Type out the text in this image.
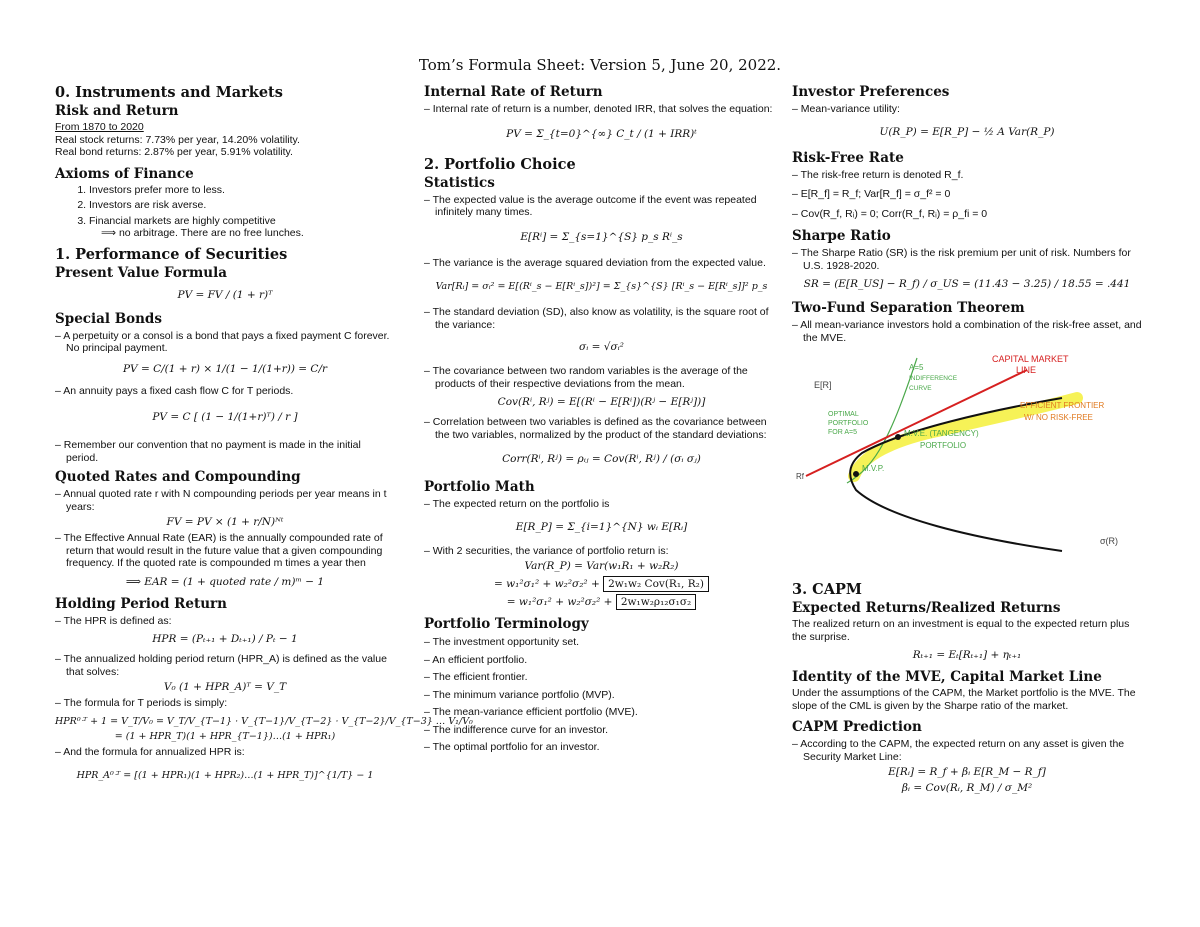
Tom’s Formula Sheet: Version 5, June 20, 2022.
0. Instruments and Markets
Risk and Return

From 1870 to 2020

Real stock returns: 7.73% per year, 14.20% volatility.

Real bond returns: 2.87% per year, 5.91% volatility.

Axioms of Finance
1. Investors prefer more to less.
2. Investors are risk averse.
3. Financial markets are highly competitive
⟹ no arbitrage. There are no free lunches.
1. Performance of Securities
Present Value Formula
PV = FV / (1 + r)ᵀ
Special Bonds

– A perpetuity or a consol is a bond that pays a fixed payment C forever. No principal payment.

PV = C/(1 + r) × 1/(1 − 1/(1+r)) = C/r

– An annuity pays a fixed cash flow C for T periods.

PV = C [ (1 − 1/(1+r)ᵀ) / r ]

– Remember our convention that no payment is made in the initial period.

Quoted Rates and Compounding

– Annual quoted rate r with N compounding periods per year means in t years:

FV = PV × (1 + r/N)ᴺᵗ

– The Effective Annual Rate (EAR) is the annually compounded rate of return that would result in the future value that a given compounding frequency. If the quoted rate is compounded m times a year then

⟹ EAR = (1 + quoted rate / m)ᵐ − 1
Holding Period Return

– The HPR is defined as:

HPR = (Pₜ₊₁ + Dₜ₊₁) / Pₜ − 1

– The annualized holding period return (HPR_A) is defined as the value that solves:

V₀ (1 + HPR_A)ᵀ = V_T

– The formula for T periods is simply:

HPR⁰ᐧᵀ + 1 = V_T/V₀ = V_T/V_{T−1} · V_{T−1}/V_{T−2} · V_{T−2}/V_{T−3} … V₁/V₀
= (1 + HPR_T)(1 + HPR_{T−1})…(1 + HPR₁)

– And the formula for annualized HPR is:

HPR_A⁰ᐧᵀ = [(1 + HPR₁)(1 + HPR₂)…(1 + HPR_T)]^{1/T} − 1
Internal Rate of Return

– Internal rate of return is a number, denoted IRR, that solves the equation:

PV = Σ_{t=0}^{∞} C_t / (1 + IRR)ᵗ
2. Portfolio Choice
Statistics

– The expected value is the average outcome if the event was repeated infinitely many times.

E[Rⁱ] = Σ_{s=1}^{S} p_s Rⁱ_s

– The variance is the average squared deviation from the expected value.

Var[Rᵢ] = σᵢ² = E[(Rⁱ_s − E[Rⁱ_s])²] = Σ_{s}^{S} [Rⁱ_s − E[Rⁱ_s]]² p_s

– The standard deviation (SD), also know as volatility, is the square root of the variance:

σᵢ = √σᵢ²

– The covariance between two random variables is the average of the products of their respective deviations from the mean.

Cov(Rⁱ, Rʲ) = E[(Rⁱ − E[Rⁱ])(Rʲ − E[Rʲ])]

– Correlation between two variables is defined as the covariance between the two variables, normalized by the product of the standard deviations:

Corr(Rⁱ, Rʲ) = ρᵢⱼ = Cov(Rⁱ, Rʲ) / (σᵢ σⱼ)
Portfolio Math

– The expected return on the portfolio is

E[R_P] = Σ_{i=1}^{N} wᵢ E[Rᵢ]

– With 2 securities, the variance of portfolio return is:

Var(R_P) = Var(w₁R₁ + w₂R₂)
= w₁²σ₁² + w₂²σ₂² + 2w₁w₂ Cov(R₁, R₂)
= w₁²σ₁² + w₂²σ₂² + 2w₁w₂ρ₁₂σ₁σ₂
Portfolio Terminology

– The investment opportunity set.

– An efficient portfolio.

– The efficient frontier.

– The minimum variance portfolio (MVP).

– The mean-variance efficient portfolio (MVE).

– The indifference curve for an investor.

– The optimal portfolio for an investor.

Investor Preferences

– Mean-variance utility:

U(R_P) = E[R_P] − ½ A Var(R_P)
Risk-Free Rate

– The risk-free return is denoted R_f.

– E[R_f] = R_f; Var[R_f] = σ_f² = 0

– Cov(R_f, Rᵢ) = 0; Corr(R_f, Rᵢ) = ρ_fi = 0

Sharpe Ratio

– The Sharpe Ratio (SR) is the risk premium per unit of risk. Numbers for U.S. 1928-2020.

SR = (E[R_US] − R_f) / σ_US = (11.43 − 3.25) / 18.55 = .441
Two-Fund Separation Theorem

– All mean-variance investors hold a combination of the risk-free asset, and the MVE.

E[R]
σ(R)
Rf
CAPITAL MARKET
LINE
A=5
INDIFFERENCE
CURVE
OPTIMAL
PORTFOLIO
FOR A=5
EFFICIENT FRONTIER
W/ NO RISK-FREE
M.V.E. (TANGENCY)
PORTFOLIO
M.V.P.
3. CAPM
Expected Returns/Realized Returns

The realized return on an investment is equal to the expected return plus the surprise.

Rₜ₊₁ = Eₜ[Rₜ₊₁] + ηₜ₊₁
Identity of the MVE, Capital Market Line

Under the assumptions of the CAPM, the Market portfolio is the MVE. The slope of the CML is given by the Sharpe ratio of the market.

CAPM Prediction

– According to the CAPM, the expected return on any asset is given the Security Market Line:

E[Rᵢ] = R_f + βᵢ E[R_M − R_f]
βᵢ = Cov(Rᵢ, R_M) / σ_M²
